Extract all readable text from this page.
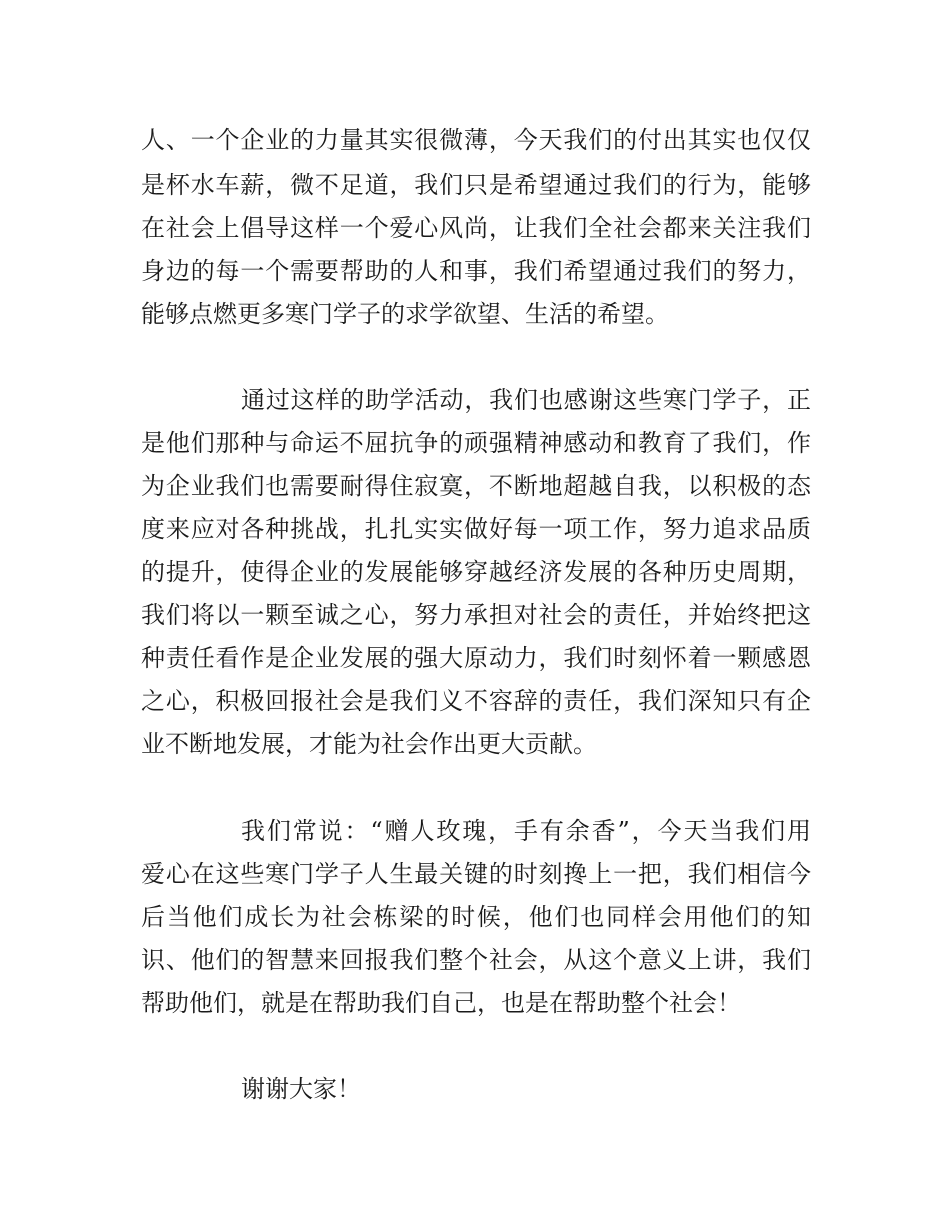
人、一个企业的力量其实很微薄，今天我们的付出其实也仅仅
是杯水车薪，微不足道，我们只是希望通过我们的行为，能够
在社会上倡导这样一个爱心风尚，让我们全社会都来关注我们
身边的每一个需要帮助的人和事，我们希望通过我们的努力，
能够点燃更多寒门学子的求学欲望、生活的希望。
通过这样的助学活动，我们也感谢这些寒门学子，正
是他们那种与命运不屈抗争的顽强精神感动和教育了我们，作
为企业我们也需要耐得住寂寞，不断地超越自我，以积极的态
度来应对各种挑战，扎扎实实做好每一项工作，努力追求品质
的提升，使得企业的发展能够穿越经济发展的各种历史周期，
我们将以一颗至诚之心，努力承担对社会的责任，并始终把这
种责任看作是企业发展的强大原动力，我们时刻怀着一颗感恩
之心，积极回报社会是我们义不容辞的责任，我们深知只有企
业不断地发展，才能为社会作出更大贡献。
我们常说：“赠人玫瑰，手有余香”，今天当我们用
爱心在这些寒门学子人生最关键的时刻搀上一把，我们相信今
后当他们成长为社会栋梁的时候，他们也同样会用他们的知
识、他们的智慧来回报我们整个社会，从这个意义上讲，我们
帮助他们，就是在帮助我们自己，也是在帮助整个社会！
谢谢大家！
